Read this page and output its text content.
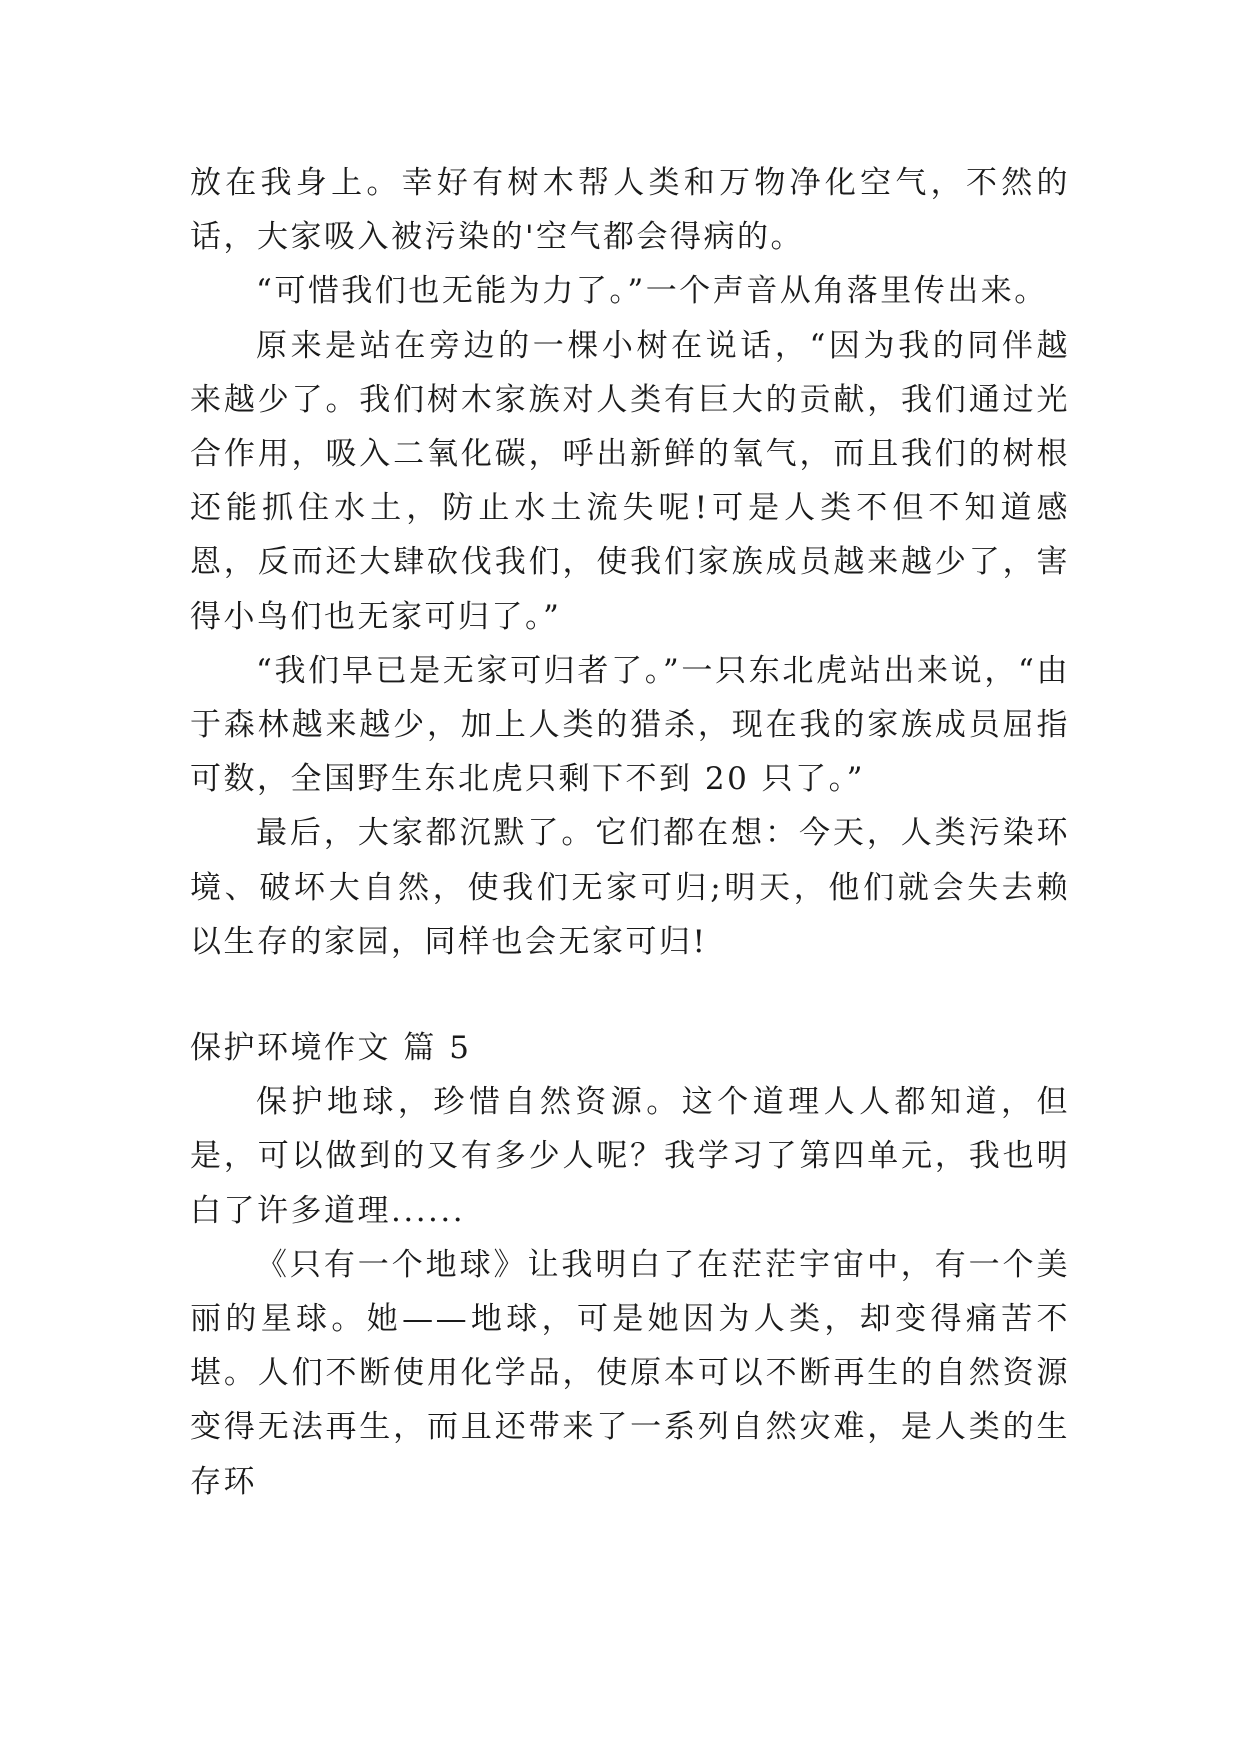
放在我身上。幸好有树木帮人类和万物净化空气，不然的话，大家吸入被污染的'空气都会得病的。

“可惜我们也无能为力了。”一个声音从角落里传出来。

原来是站在旁边的一棵小树在说话，“因为我的同伴越来越少了。我们树木家族对人类有巨大的贡献，我们通过光合作用，吸入二氧化碳，呼出新鲜的氧气，而且我们的树根还能抓住水土，防止水土流失呢!可是人类不但不知道感恩，反而还大肆砍伐我们，使我们家族成员越来越少了，害得小鸟们也无家可归了。”

“我们早已是无家可归者了。”一只东北虎站出来说，“由于森林越来越少，加上人类的猎杀，现在我的家族成员屈指可数，全国野生东北虎只剩下不到 20 只了。”

最后，大家都沉默了。它们都在想：今天，人类污染环境、破坏大自然，使我们无家可归;明天，他们就会失去赖以生存的家园，同样也会无家可归!

保护环境作文 篇 5

保护地球，珍惜自然资源。这个道理人人都知道，但是，可以做到的又有多少人呢？我学习了第四单元，我也明白了许多道理......

《只有一个地球》让我明白了在茫茫宇宙中，有一个美丽的星球。她——地球，可是她因为人类，却变得痛苦不堪。人们不断使用化学品，使原本可以不断再生的自然资源变得无法再生，而且还带来了一系列自然灾难，是人类的生存环
